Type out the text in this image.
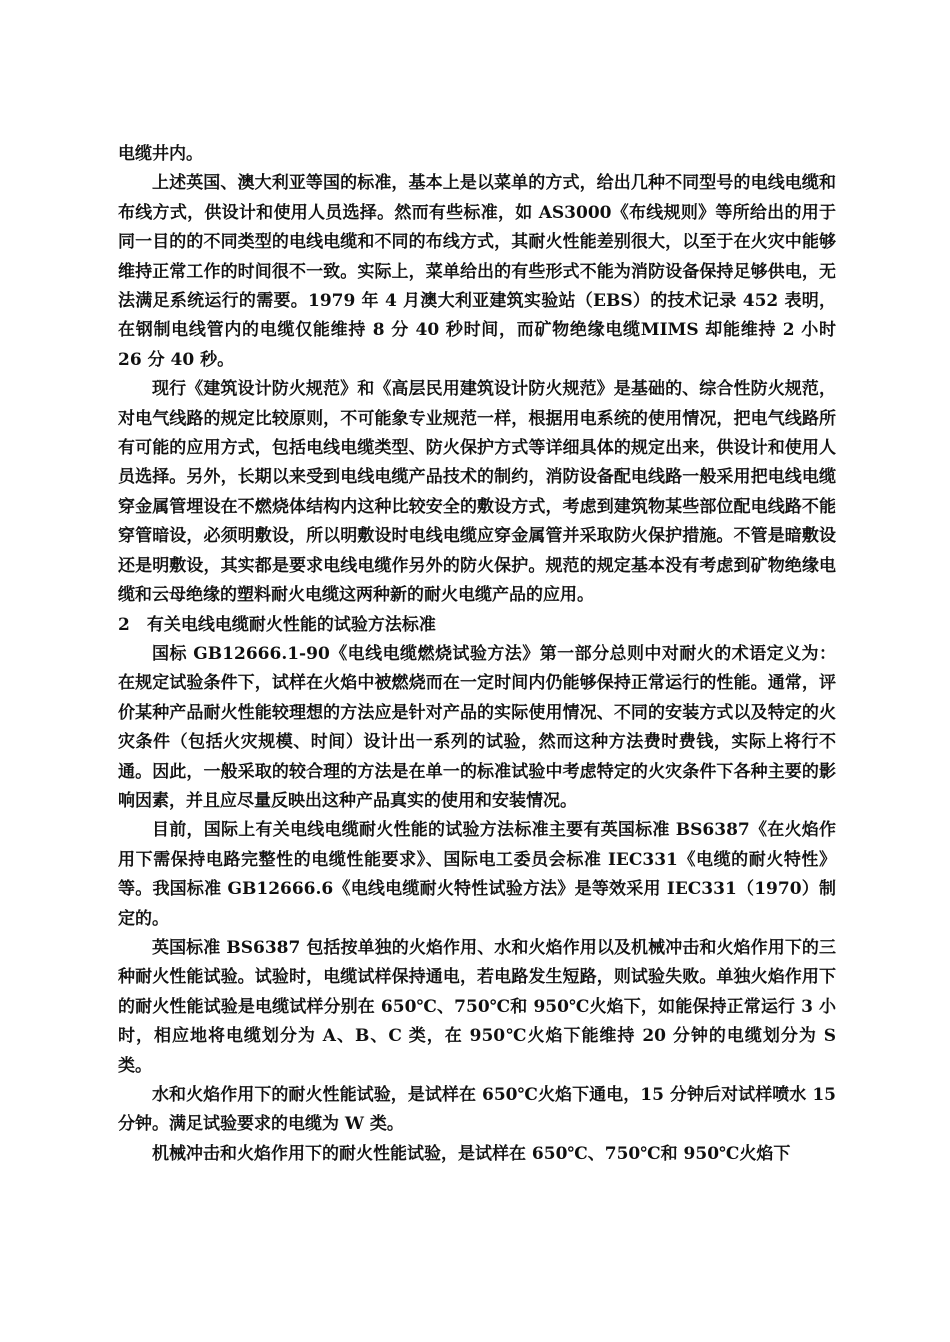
电缆井内。

上述英国、澳大利亚等国的标准，基本上是以菜单的方式，给出几种不同型号的电线电缆和布线方式，供设计和使用人员选择。然而有些标准，如 AS3000《布线规则》等所给出的用于同一目的的不同类型的电线电缆和不同的布线方式，其耐火性能差别很大，以至于在火灾中能够维持正常工作的时间很不一致。实际上，菜单给出的有些形式不能为消防设备保持足够供电，无法满足系统运行的需要。1979 年 4 月澳大利亚建筑实验站（EBS）的技术记录 452 表明，在钢制电线管内的电缆仅能维持 8 分 40 秒时间，而矿物绝缘电缆MIMS 却能维持 2 小时 26 分 40 秒。

现行《建筑设计防火规范》和《高层民用建筑设计防火规范》是基础的、综合性防火规范，对电气线路的规定比较原则，不可能象专业规范一样，根据用电系统的使用情况，把电气线路所有可能的应用方式，包括电线电缆类型、防火保护方式等详细具体的规定出来，供设计和使用人员选择。另外，长期以来受到电线电缆产品技术的制约，消防设备配电线路一般采用把电线电缆穿金属管埋设在不燃烧体结构内这种比较安全的敷设方式，考虑到建筑物某些部位配电线路不能穿管暗设，必须明敷设，所以明敷设时电线电缆应穿金属管并采取防火保护措施。不管是暗敷设还是明敷设，其实都是要求电线电缆作另外的防火保护。规范的规定基本没有考虑到矿物绝缘电缆和云母绝缘的塑料耐火电缆这两种新的耐火电缆产品的应用。

2　有关电线电缆耐火性能的试验方法标准

国标 GB12666.1-90《电线电缆燃烧试验方法》第一部分总则中对耐火的术语定义为：在规定试验条件下，试样在火焰中被燃烧而在一定时间内仍能够保持正常运行的性能。通常，评价某种产品耐火性能较理想的方法应是针对产品的实际使用情况、不同的安装方式以及特定的火灾条件（包括火灾规模、时间）设计出一系列的试验，然而这种方法费时费钱，实际上将行不通。因此，一般采取的较合理的方法是在单一的标准试验中考虑特定的火灾条件下各种主要的影响因素，并且应尽量反映出这种产品真实的使用和安装情况。

目前，国际上有关电线电缆耐火性能的试验方法标准主要有英国标准 BS6387《在火焰作用下需保持电路完整性的电缆性能要求》、国际电工委员会标准 IEC331《电缆的耐火特性》等。我国标准 GB12666.6《电线电缆耐火特性试验方法》是等效采用 IEC331（1970）制定的。

英国标准 BS6387 包括按单独的火焰作用、水和火焰作用以及机械冲击和火焰作用下的三种耐火性能试验。试验时，电缆试样保持通电，若电路发生短路，则试验失败。单独火焰作用下的耐火性能试验是电缆试样分别在 650℃、750℃和 950℃火焰下，如能保持正常运行 3 小时，相应地将电缆划分为 A、B、C 类，在 950℃火焰下能维持 20 分钟的电缆划分为 S 类。

水和火焰作用下的耐火性能试验，是试样在 650℃火焰下通电，15 分钟后对试样喷水 15 分钟。满足试验要求的电缆为 W 类。

机械冲击和火焰作用下的耐火性能试验，是试样在 650℃、750℃和 950℃火焰下
